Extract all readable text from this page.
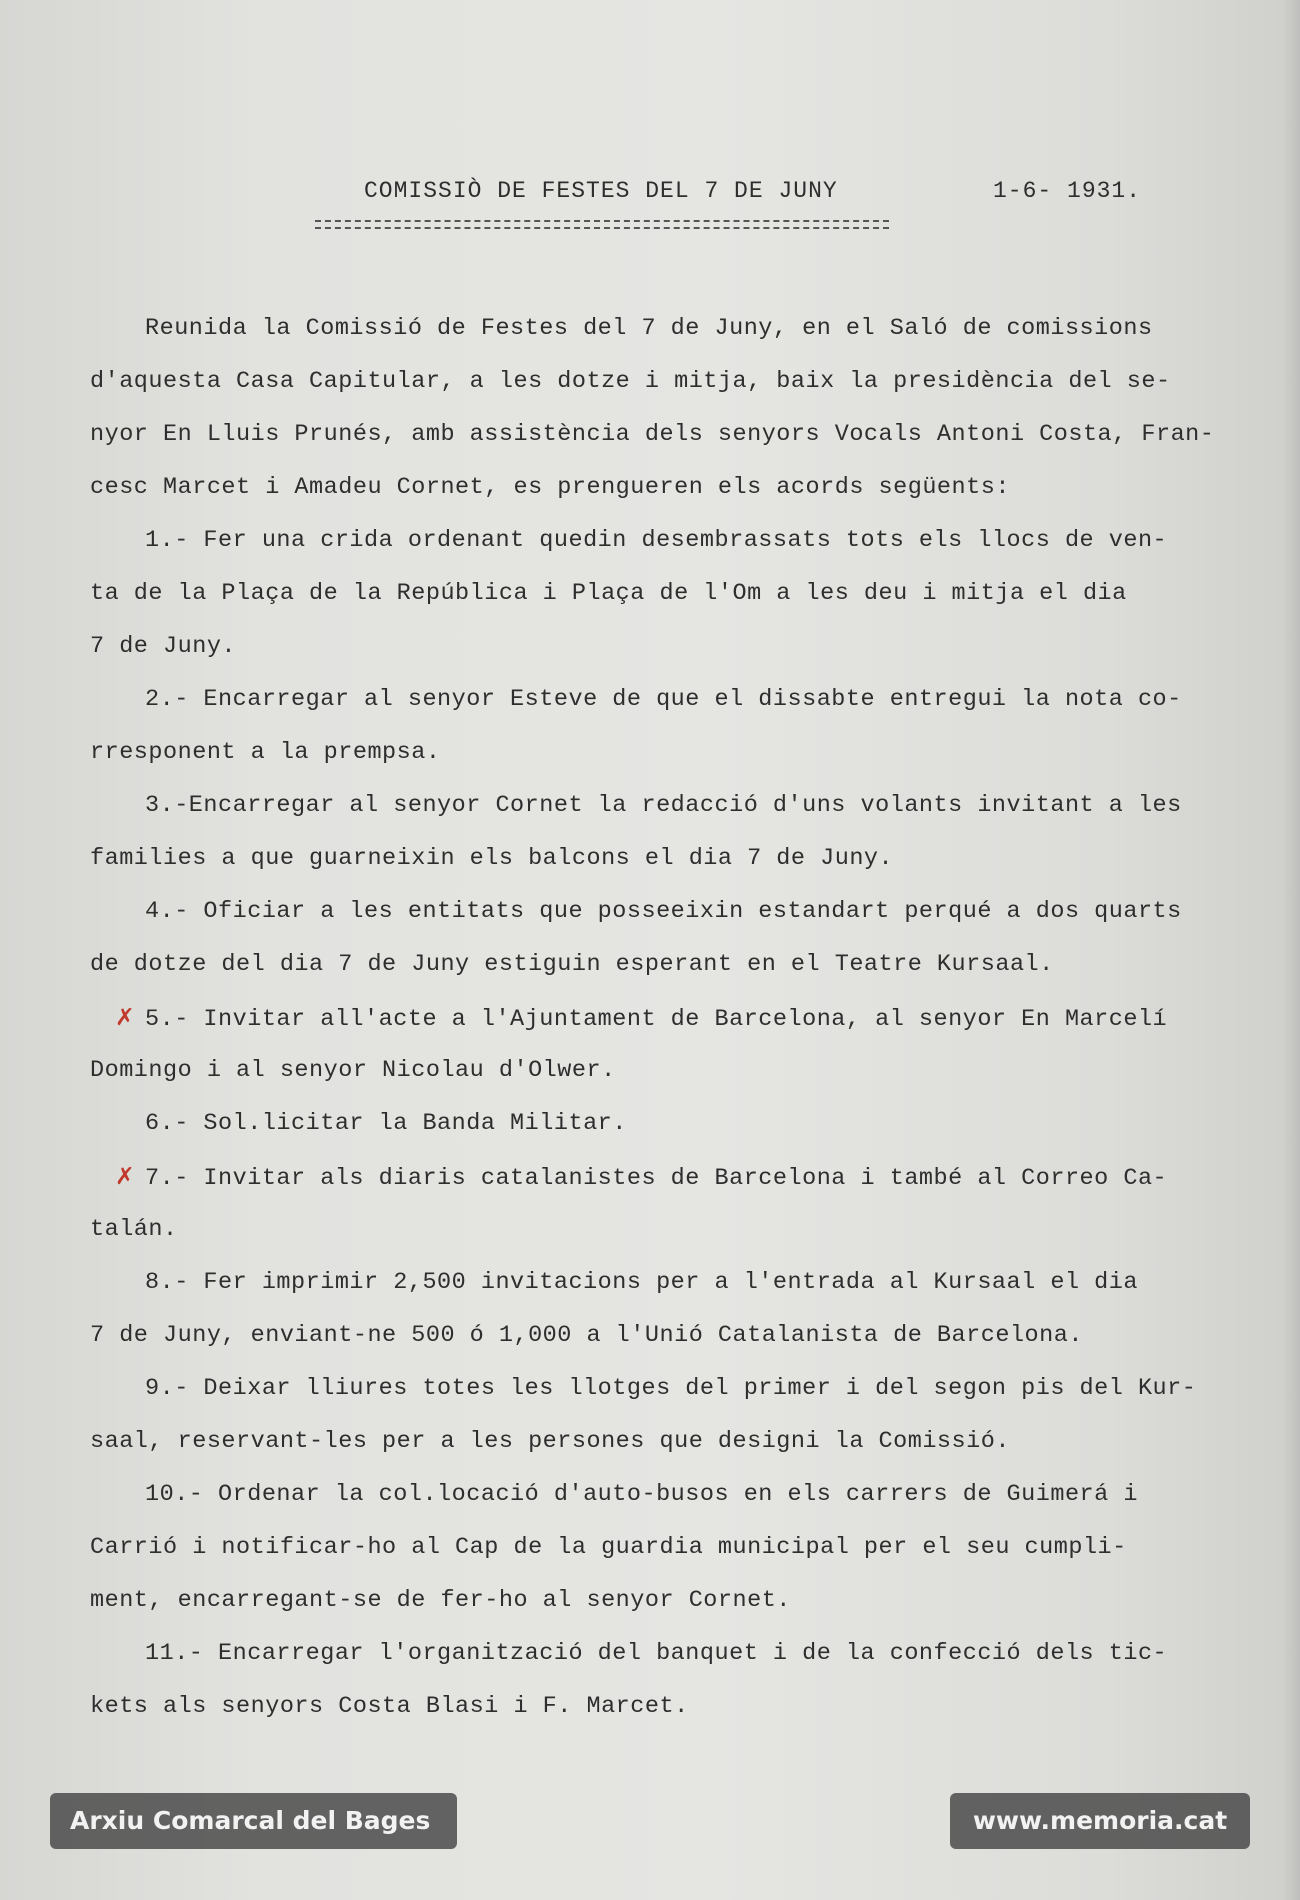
COMISSIÒ DE FESTES DEL 7 DE JUNY	1-6- 1931.
Reunida la Comissió de Festes del 7 de Juny, en el Saló de comissions
d'aquesta Casa Capitular, a les dotze i mitja, baix la presidència del se-
nyor En Lluis Prunés, amb assistència dels senyors Vocals Antoni Costa, Fran-
cesc Marcet i Amadeu Cornet, es prengueren els acords següents:
1.- Fer una crida ordenant quedin desembrassats tots els llocs de ven-
ta de la Plaça de la República i Plaça de l'Om a les deu i mitja el dia
7 de Juny.
2.- Encarregar al senyor Esteve de que el dissabte entregui la nota co-
rresponent a la prempsa.
3.-Encarregar al senyor Cornet la redacció d'uns volants invitant a les
families a que guarneixin els balcons el dia 7 de Juny.
4.- Oficiar a les entitats que posseeixin estandart perqué a dos quarts
de dotze del dia 7 de Juny estiguin esperant en el Teatre Kursaal.
✗ 5.- Invitar all'acte a l'Ajuntament de Barcelona, al senyor En Marcelí
Domingo i al senyor Nicolau d'Olwer.
6.- Sol.licitar la Banda Militar.
✗ 7.- Invitar als diaris catalanistes de Barcelona i també al Correo Ca-
talán.
8.- Fer imprimir 2,500 invitacions per a l'entrada al Kursaal el dia
7 de Juny, enviant-ne 500 ó 1,000 a l'Unió Catalanista de Barcelona.
9.- Deixar lliures totes les llotges del primer i del segon pis del Kur-
saal, reservant-les per a les persones que designi la Comissió.
10.- Ordenar la col.locació d'auto-busos en els carrers de Guimerá i
Carrió i notificar-ho al Cap de la guardia municipal per el seu cumpli-
ment, encarregant-se de fer-ho al senyor Cornet.
11.- Encarregar l'organització del banquet i de la confecció dels tic-
kets als senyors Costa Blasi i F. Marcet.
Arxiu Comarcal del Bages	www.memoria.cat
